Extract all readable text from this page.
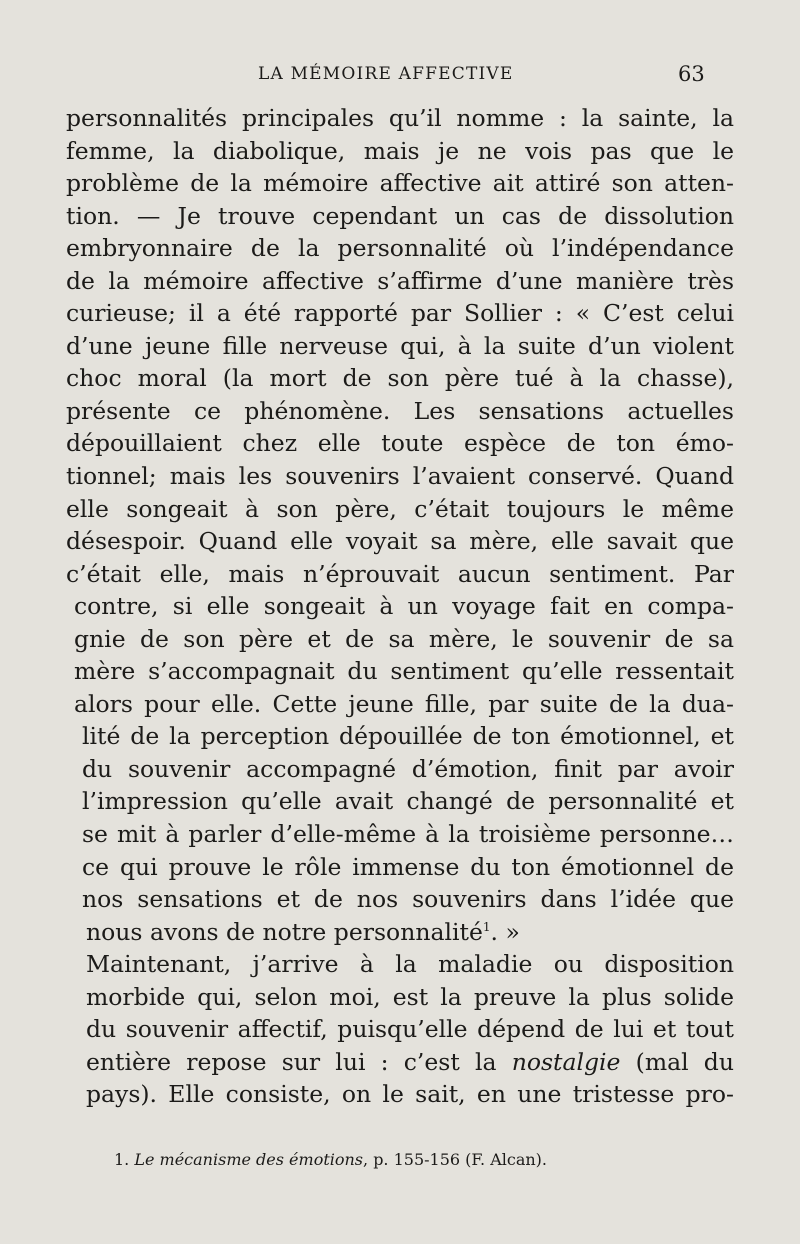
LA MÉMOIRE AFFECTIVE	63
personnalités principales qu’il nomme : la sainte, la
femme, la diabolique, mais je ne vois pas que le
problème de la mémoire affective ait attiré son atten-
tion. — Je trouve cependant un cas de dissolution
embryonnaire de la personnalité où l’indépendance
de la mémoire affective s’affirme d’une manière très
curieuse; il a été rapporté par Sollier : « C’est celui
d’une jeune fille nerveuse qui, à la suite d’un violent
choc moral (la mort de son père tué à la chasse),
présente ce phénomène. Les sensations actuelles
dépouillaient chez elle toute espèce de ton émo-
tionnel; mais les souvenirs l’avaient conservé. Quand
elle songeait à son père, c’était toujours le même
désespoir. Quand elle voyait sa mère, elle savait que
c’était elle, mais n’éprouvait aucun sentiment. Par
contre, si elle songeait à un voyage fait en compa-
gnie de son père et de sa mère, le souvenir de sa
mère s’accompagnait du sentiment qu’elle ressentait
alors pour elle. Cette jeune fille, par suite de la dua-
lité de la perception dépouillée de ton émotionnel, et
du souvenir accompagné d’émotion, finit par avoir
l’impression qu’elle avait changé de personnalité et
se mit à parler d’elle-même à la troisième personne…
ce qui prouve le rôle immense du ton émotionnel de
nos sensations et de nos souvenirs dans l’idée que
nous avons de notre personnalité$^1$. »
Maintenant, j’arrive à la maladie ou disposition
morbide qui, selon moi, est la preuve la plus solide
du souvenir affectif, puisqu’elle dépend de lui et tout
entière repose sur lui : c’est la nostalgie (mal du
pays). Elle consiste, on le sait, en une tristesse pro-
1. Le mécanisme des émotions, p. 155-156 (F. Alcan).
